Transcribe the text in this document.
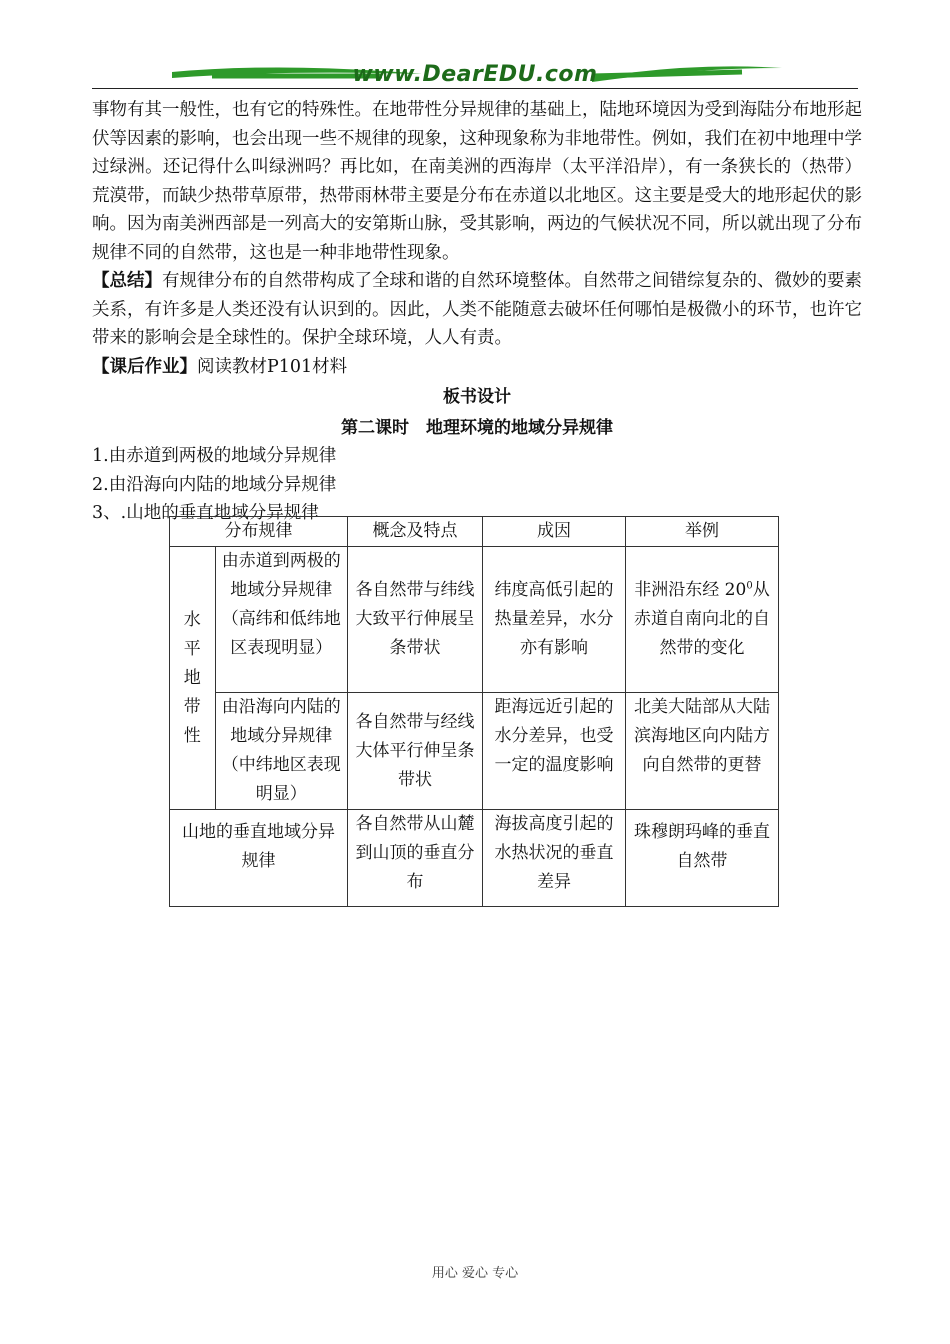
www.DearEDU.com

事物有其一般性，也有它的特殊性。在地带性分异规律的基础上，陆地环境因为受到海陆分布地形起伏等因素的影响，也会出现一些不规律的现象，这种现象称为非地带性。例如，我们在初中地理中学过绿洲。还记得什么叫绿洲吗？再比如，在南美洲的西海岸（太平洋沿岸），有一条狭长的（热带）荒漠带，而缺少热带草原带，热带雨林带主要是分布在赤道以北地区。这主要是受大的地形起伏的影响。因为南美洲西部是一列高大的安第斯山脉，受其影响，两边的气候状况不同，所以就出现了分布规律不同的自然带，这也是一种非地带性现象。

【总结】有规律分布的自然带构成了全球和谐的自然环境整体。自然带之间错综复杂的、微妙的要素关系，有许多是人类还没有认识到的。因此，人类不能随意去破坏任何哪怕是极微小的环节，也许它带来的影响会是全球性的。保护全球环境，人人有责。

【课后作业】阅读教材P101材料

板书设计
第二课时　地理环境的地域分异规律
1.由赤道到两极的地域分异规律
2.由沿海向内陆的地域分异规律
3、.山地的垂直地域分异规律
分布规律		概念及特点	成因	举例
水平地带性	由赤道到两极的地域分异规律（高纬和低纬地区表现明显）	各自然带与纬线大致平行伸展呈条带状	纬度高低引起的热量差异，水分亦有影响	非洲沿东经 $20^0$从赤道自南向北的自然带的变化
	由沿海向内陆的地域分异规律（中纬地区表现明显）	各自然带与经线大体平行伸呈条带状	距海远近引起的水分差异，也受一定的温度影响	北美大陆部从大陆滨海地区向内陆方向自然带的更替
山地的垂直地域分异规律		各自然带从山麓到山顶的垂直分布	海拔高度引起的水热状况的垂直差异	珠穆朗玛峰的垂直自然带
用心 爱心 专心
